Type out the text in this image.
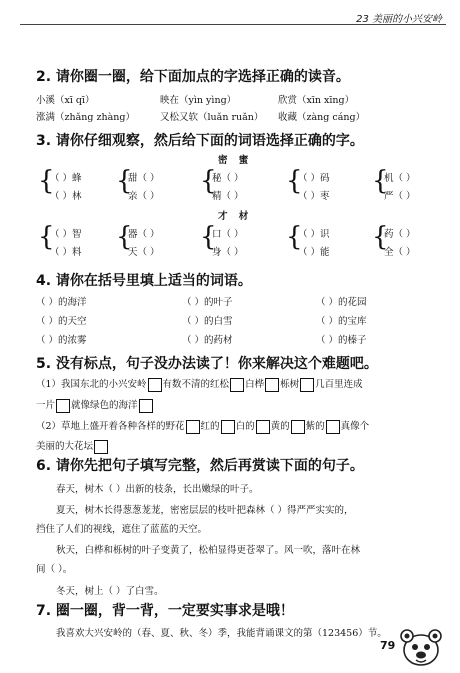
23 美丽的小兴安岭
2. 请你圈一圈，给下面加点的字选择正确的读音。
小溪（xī qī）	映在（yìn yìng）	欣赏（xīn xīng）
涨满（zhǎng zhàng）	又松又软（luǎn ruǎn） 收藏（zàng cáng）
3. 请你仔细观察，然后给下面的词语选择正确的字。
密 蜜
{
（ ）蜂
（ ）林
{
甜（ ）
亲（ ）
{
秘（ ）
精（ ）
{
（ ）码
（ ）枣
{
机（ ）
严（ ）
才 材
{
（ ）智
（ ）料
{
器（ ）
天（ ）
{
口（ ）
身（ ）
{
（ ）识
（ ）能
{
药（ ）
全（ ）
4. 请你在括号里填上适当的词语。
（ ）的海洋	（ ）的叶子	（ ）的花园
（ ）的天空	（ ）的白雪	（ ）的宝库
（ ）的浓雾	（ ）的药材	（ ）的榛子
5. 没有标点，句子没办法读了！你来解决这个难题吧。
（1）我国东北的小兴安岭 有数不清的红松 白桦 栎树 几百里连成
一片 就像绿色的海洋
（2）草地上盛开着各种各样的野花 红的 白的 黄的 紫的 真像个
美丽的大花坛
6. 请你先把句子填写完整，然后再赏读下面的句子。
春天，树木（ ）出新的枝条，长出嫩绿的叶子。
夏天，树木长得葱葱茏茏，密密层层的枝叶把森林（ ）得严严实实的，
挡住了人们的视线，遮住了蓝蓝的天空。
秋天，白桦和栎树的叶子变黄了，松柏显得更苍翠了。风一吹，落叶在林
间（ ）。
冬天，树上（ ）了白雪。
7. 圈一圈，背一背，一定要实事求是哦！
我喜欢大兴安岭的（春、夏、秋、冬）季，我能背诵课文的第（123456）节。
79
